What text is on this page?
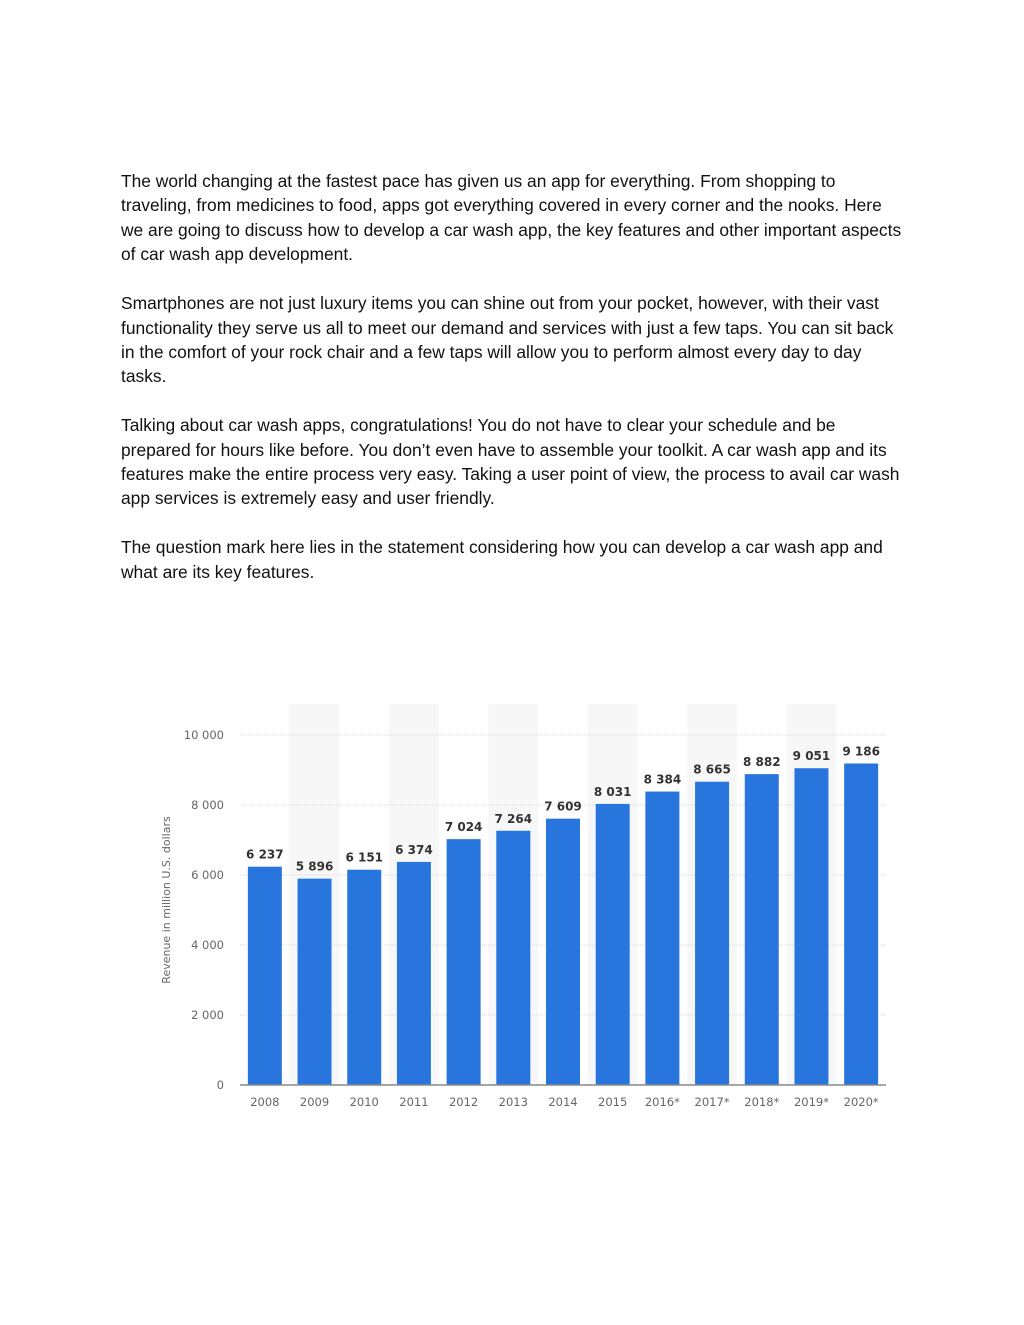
The world changing at the fastest pace has given us an app for everything. From shopping to traveling, from medicines to food, apps got everything covered in every corner and the nooks. Here we are going to discuss how to develop a car wash app, the key features and other important aspects of car wash app development.

Smartphones are not just luxury items you can shine out from your pocket, however, with their vast functionality they serve us all to meet our demand and services with just a few taps. You can sit back in the comfort of your rock chair and a few taps will allow you to perform almost every day to day tasks.

Talking about car wash apps, congratulations! You do not have to clear your schedule and be prepared for hours like before. You don’t even have to assemble your toolkit. A car wash app and its features make the entire process very easy. Taking a user point of view, the process to avail car wash app services is extremely easy and user friendly.

The question mark here lies in the statement considering how you can develop a car wash app and what are its key features.

0
2 000
4 000
6 000
8 000
10 000
6 237
2008
5 896
2009
6 151
2010
6 374
2011
7 024
2012
7 264
2013
7 609
2014
8 031
2015
8 384
2016*
8 665
2017*
8 882
2018*
9 051
2019*
9 186
2020*
Revenue in million U.S. dollars
